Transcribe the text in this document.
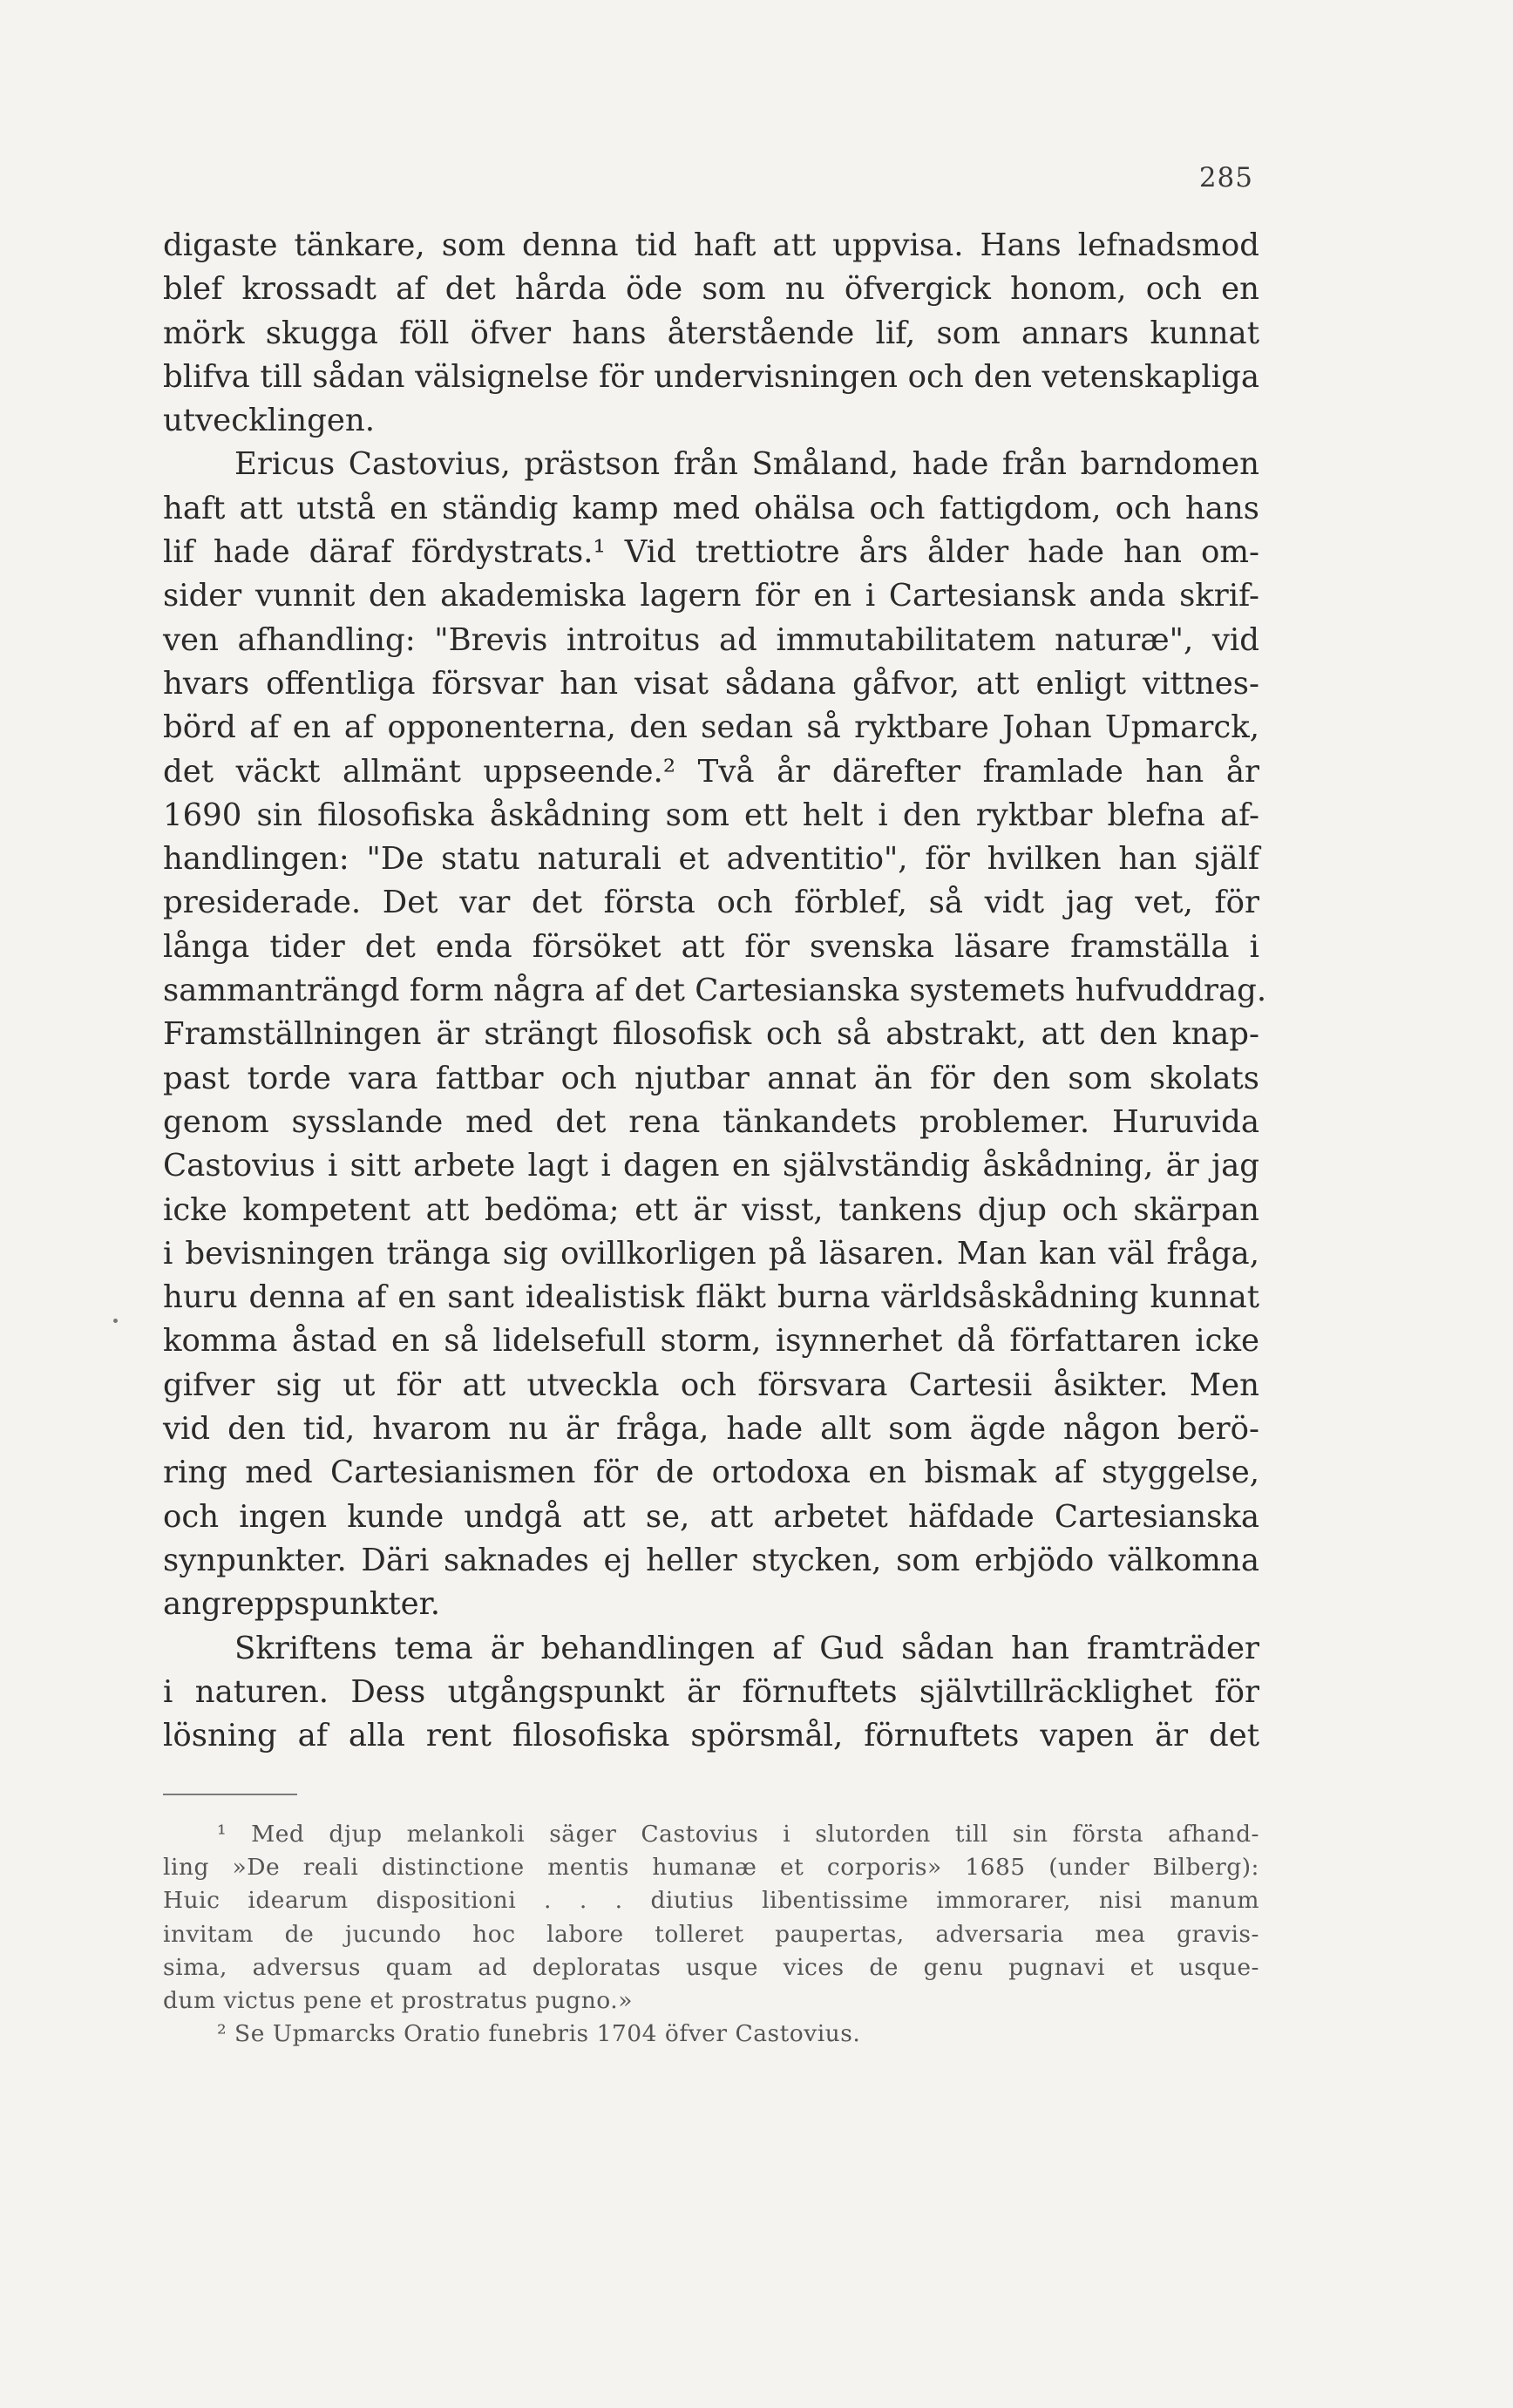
285
digaste tänkare, som denna tid haft att uppvisa. Hans lefnadsmod
blef krossadt af det hårda öde som nu öfvergick honom, och en
mörk skugga föll öfver hans återstående lif, som annars kunnat
blifva till sådan välsignelse för undervisningen och den vetenskapliga
utvecklingen.
Ericus Castovius, prästson från Småland, hade från barndomen
haft att utstå en ständig kamp med ohälsa och fattigdom, och hans
lif hade däraf fördystrats.¹ Vid trettiotre års ålder hade han om-
sider vunnit den akademiska lagern för en i Cartesiansk anda skrif-
ven afhandling: "Brevis introitus ad immutabilitatem naturæ", vid
hvars offentliga försvar han visat sådana gåfvor, att enligt vittnes-
börd af en af opponenterna, den sedan så ryktbare Johan Upmarck,
det väckt allmänt uppseende.² Två år därefter framlade han år
1690 sin filosofiska åskådning som ett helt i den ryktbar blefna af-
handlingen: "De statu naturali et adventitio", för hvilken han själf
presiderade. Det var det första och förblef, så vidt jag vet, för
långa tider det enda försöket att för svenska läsare framställa i
sammanträngd form några af det Cartesianska systemets hufvuddrag.
Framställningen är strängt filosofisk och så abstrakt, att den knap-
past torde vara fattbar och njutbar annat än för den som skolats
genom sysslande med det rena tänkandets problemer. Huruvida
Castovius i sitt arbete lagt i dagen en självständig åskådning, är jag
icke kompetent att bedöma; ett är visst, tankens djup och skärpan
i bevisningen tränga sig ovillkorligen på läsaren. Man kan väl fråga,
huru denna af en sant idealistisk fläkt burna världsåskådning kunnat
komma åstad en så lidelsefull storm, isynnerhet då författaren icke
gifver sig ut för att utveckla och försvara Cartesii åsikter. Men
vid den tid, hvarom nu är fråga, hade allt som ägde någon berö-
ring med Cartesianismen för de ortodoxa en bismak af styggelse,
och ingen kunde undgå att se, att arbetet häfdade Cartesianska
synpunkter. Däri saknades ej heller stycken, som erbjödo välkomna
angreppspunkter.
Skriftens tema är behandlingen af Gud sådan han framträder
i naturen. Dess utgångspunkt är förnuftets självtillräcklighet för
lösning af alla rent filosofiska spörsmål, förnuftets vapen är det
¹ Med djup melankoli säger Castovius i slutorden till sin första afhand-
ling »De reali distinctione mentis humanæ et corporis» 1685 (under Bilberg):
Huic idearum dispositioni . . . diutius libentissime immorarer, nisi manum
invitam de jucundo hoc labore tolleret paupertas, adversaria mea gravis-
sima, adversus quam ad deploratas usque vices de genu pugnavi et usque-
dum victus pene et prostratus pugno.»
² Se Upmarcks Oratio funebris 1704 öfver Castovius.
